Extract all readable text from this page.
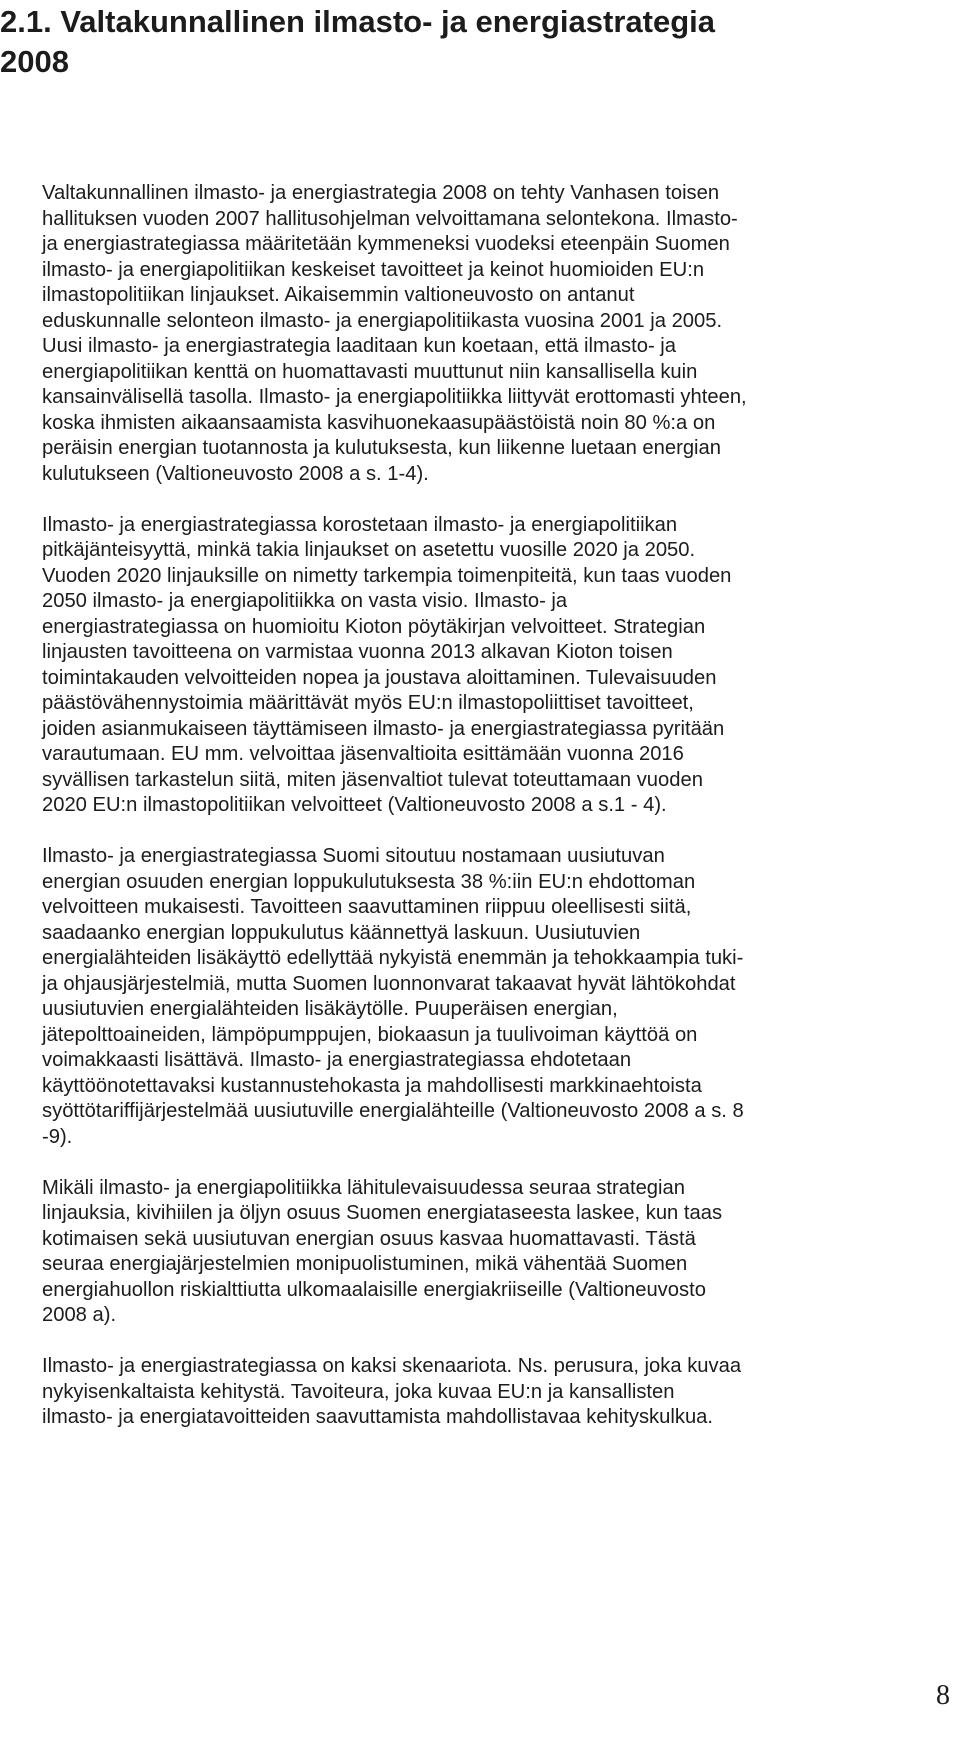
2.1. Valtakunnallinen ilmasto- ja energiastrategia
2008

Valtakunnallinen ilmasto- ja energiastrategia 2008 on tehty Vanhasen toisen
hallituksen vuoden 2007 hallitusohjelman velvoittamana selontekona. Ilmasto-
ja energiastrategiassa määritetään kymmeneksi vuodeksi eteenpäin Suomen
ilmasto- ja energiapolitiikan keskeiset tavoitteet ja keinot huomioiden EU:n
ilmastopolitiikan linjaukset. Aikaisemmin valtioneuvosto on antanut
eduskunnalle selonteon ilmasto- ja energiapolitiikasta vuosina 2001 ja 2005.
Uusi ilmasto- ja energiastrategia laaditaan kun koetaan, että ilmasto- ja
energiapolitiikan kenttä on huomattavasti muuttunut niin kansallisella kuin
kansainvälisellä tasolla. Ilmasto- ja energiapolitiikka liittyvät erottomasti yhteen,
koska ihmisten aikaansaamista kasvihuonekaasupäästöistä noin 80 %:a on
peräisin energian tuotannosta ja kulutuksesta, kun liikenne luetaan energian
kulutukseen (Valtioneuvosto 2008 a s. 1-4).

Ilmasto- ja energiastrategiassa korostetaan ilmasto- ja energiapolitiikan
pitkäjänteisyyttä, minkä takia linjaukset on asetettu vuosille 2020 ja 2050.
Vuoden 2020 linjauksille on nimetty tarkempia toimenpiteitä, kun taas vuoden
2050 ilmasto- ja energiapolitiikka on vasta visio. Ilmasto- ja
energiastrategiassa on huomioitu Kioton pöytäkirjan velvoitteet. Strategian
linjausten tavoitteena on varmistaa vuonna 2013 alkavan Kioton toisen
toimintakauden velvoitteiden nopea ja joustava aloittaminen. Tulevaisuuden
päästövähennystoimia määrittävät myös EU:n ilmastopoliittiset tavoitteet,
joiden asianmukaiseen täyttämiseen ilmasto- ja energiastrategiassa pyritään
varautumaan. EU mm. velvoittaa jäsenvaltioita esittämään vuonna 2016
syvällisen tarkastelun siitä, miten jäsenvaltiot tulevat toteuttamaan vuoden
2020 EU:n ilmastopolitiikan velvoitteet (Valtioneuvosto 2008 a s.1 - 4).

Ilmasto- ja energiastrategiassa Suomi sitoutuu nostamaan uusiutuvan
energian osuuden energian loppukulutuksesta 38 %:iin EU:n ehdottoman
velvoitteen mukaisesti. Tavoitteen saavuttaminen riippuu oleellisesti siitä,
saadaanko energian loppukulutus käännettyä laskuun. Uusiutuvien
energialähteiden lisäkäyttö edellyttää nykyistä enemmän ja tehokkaampia tuki-
ja ohjausjärjestelmiä, mutta Suomen luonnonvarat takaavat hyvät lähtökohdat
uusiutuvien energialähteiden lisäkäytölle. Puuperäisen energian,
jätepolttoaineiden, lämpöpumppujen, biokaasun ja tuulivoiman käyttöä on
voimakkaasti lisättävä. Ilmasto- ja energiastrategiassa ehdotetaan
käyttöönotettavaksi kustannustehokasta ja mahdollisesti markkinaehtoista
syöttötariffijärjestelmää uusiutuville energialähteille (Valtioneuvosto 2008 a s. 8
-9).

Mikäli ilmasto- ja energiapolitiikka lähitulevaisuudessa seuraa strategian
linjauksia, kivihiilen ja öljyn osuus Suomen energiataseesta laskee, kun taas
kotimaisen sekä uusiutuvan energian osuus kasvaa huomattavasti. Tästä
seuraa energiajärjestelmien monipuolistuminen, mikä vähentää Suomen
energiahuollon riskialttiutta ulkomaalaisille energiakriiseille (Valtioneuvosto
2008 a).

Ilmasto- ja energiastrategiassa on kaksi skenaariota. Ns. perusura, joka kuvaa
nykyisenkaltaista kehitystä. Tavoiteura, joka kuvaa EU:n ja kansallisten
ilmasto- ja energiatavoitteiden saavuttamista mahdollistavaa kehityskulkua.

8
